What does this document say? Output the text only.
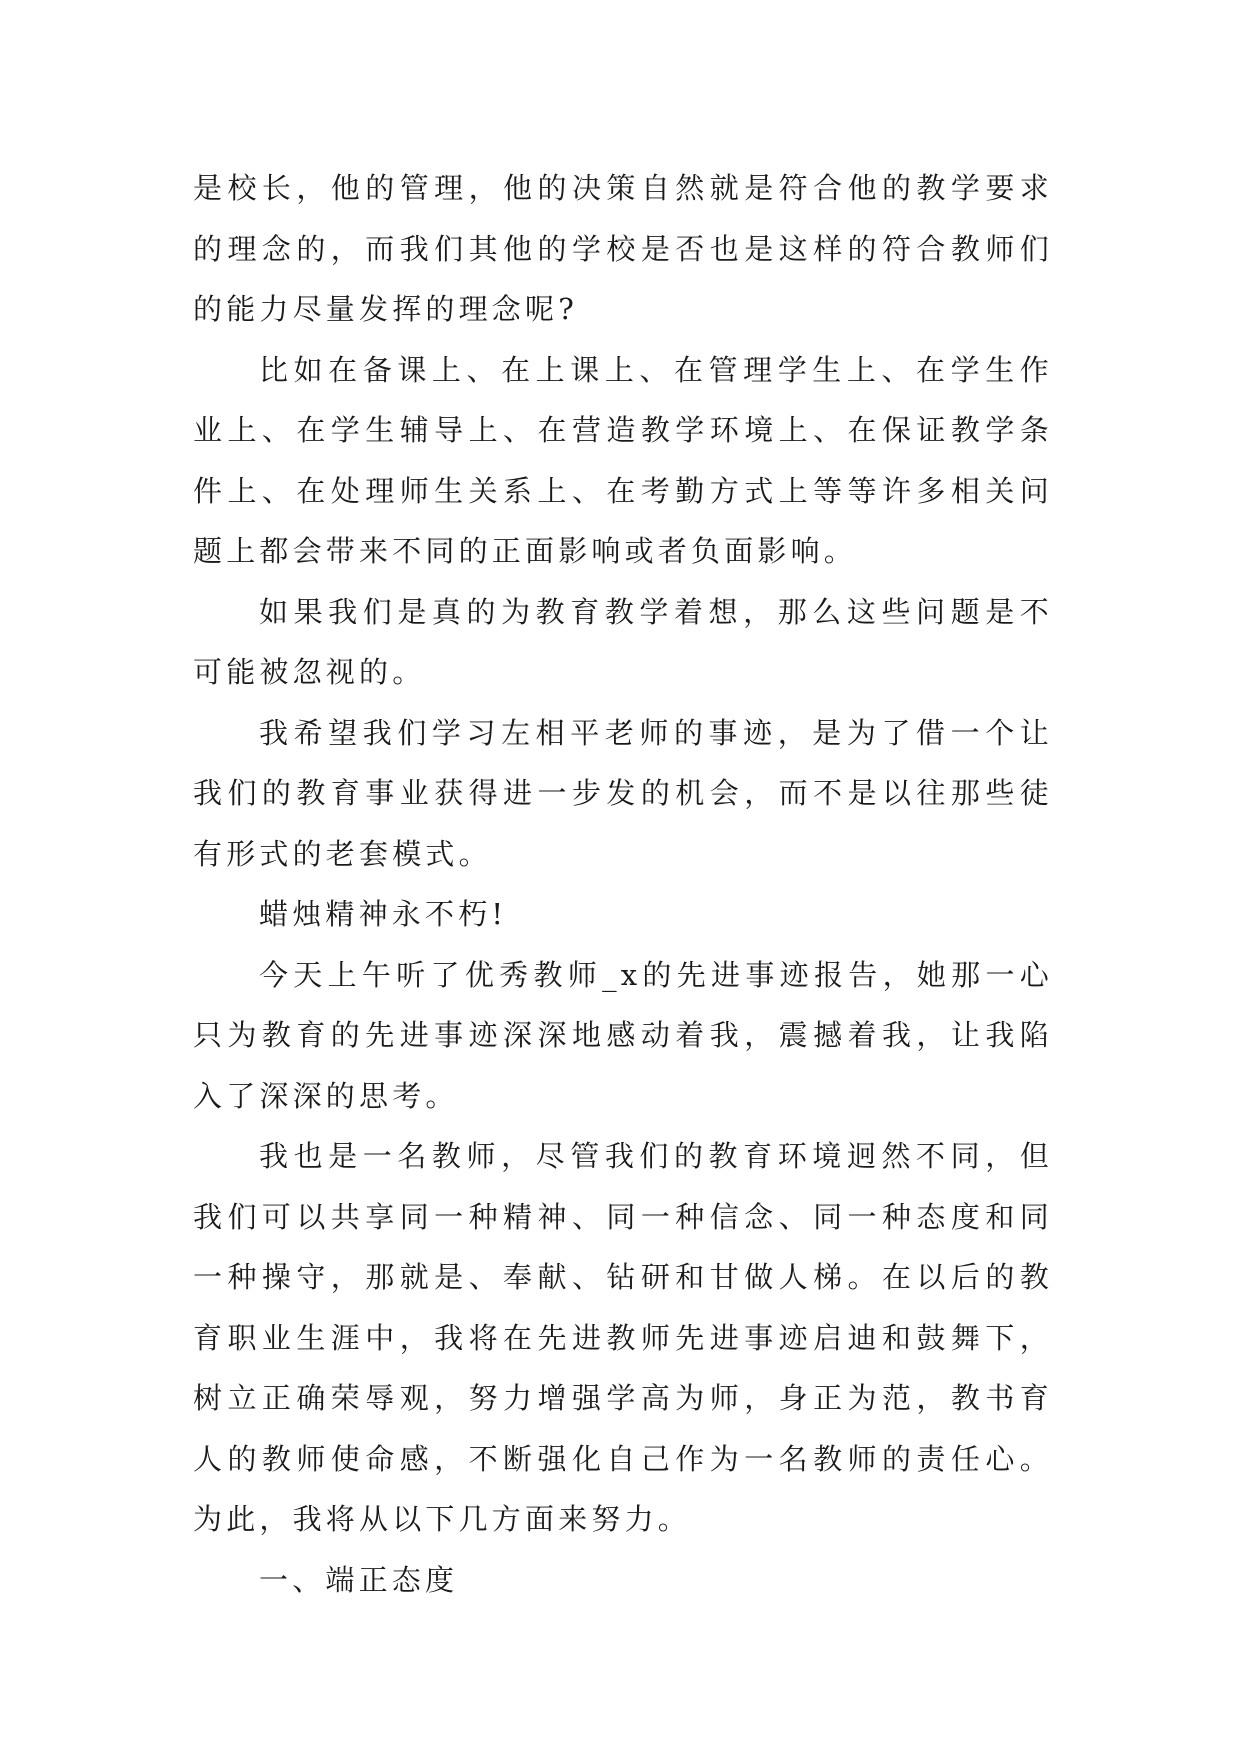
是校长，他的管理，他的决策自然就是符合他的教学要求的理念的，而我们其他的学校是否也是这样的符合教师们的能力尽量发挥的理念呢?

比如在备课上、在上课上、在管理学生上、在学生作业上、在学生辅导上、在营造教学环境上、在保证教学条件上、在处理师生关系上、在考勤方式上等等许多相关问题上都会带来不同的正面影响或者负面影响。

如果我们是真的为教育教学着想，那么这些问题是不可能被忽视的。

我希望我们学习左相平老师的事迹，是为了借一个让我们的教育事业获得进一步发的机会，而不是以往那些徒有形式的老套模式。

蜡烛精神永不朽!

今天上午听了优秀教师_x的先进事迹报告，她那一心只为教育的先进事迹深深地感动着我，震撼着我，让我陷入了深深的思考。

我也是一名教师，尽管我们的教育环境迥然不同，但我们可以共享同一种精神、同一种信念、同一种态度和同一种操守，那就是、奉献、钻研和甘做人梯。在以后的教育职业生涯中，我将在先进教师先进事迹启迪和鼓舞下，树立正确荣辱观，努力增强学高为师，身正为范，教书育人的教师使命感，不断强化自己作为一名教师的责任心。为此，我将从以下几方面来努力。

一、端正态度
